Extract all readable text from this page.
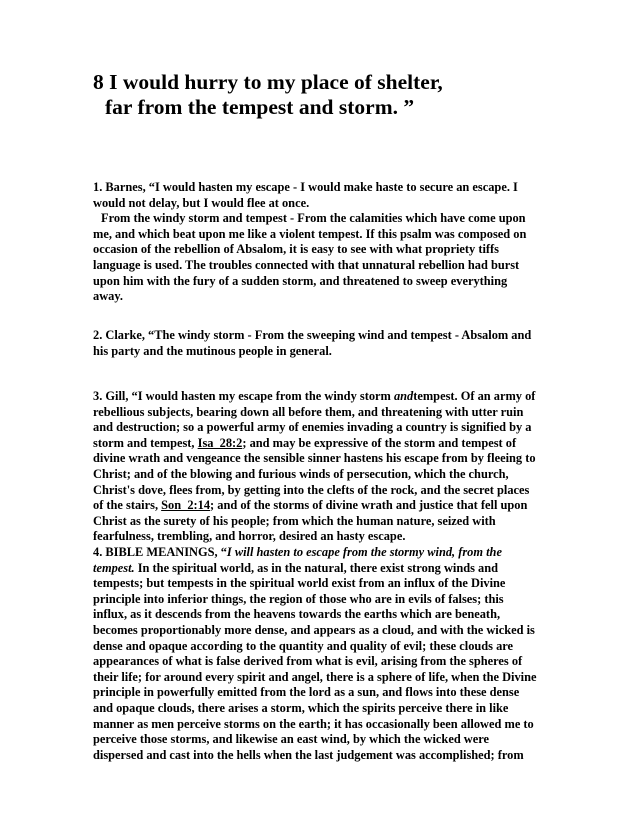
8 I would hurry to my place of shelter,
far from the tempest and storm. ”

1. Barnes, “I would hasten my escape - I would make haste to secure an escape. I
would not delay, but I would flee at once.
From the windy storm and tempest - From the calamities which have come upon
me, and which beat upon me like a violent tempest. If this psalm was composed on
occasion of the rebellion of Absalom, it is easy to see with what propriety tiffs
language is used. The troubles connected with that unnatural rebellion had burst
upon him with the fury of a sudden storm, and threatened to sweep everything
away.

2. Clarke, “The windy storm - From the sweeping wind and tempest - Absalom and
his party and the mutinous people in general.

3. Gill, “I would hasten my escape from the windy storm andtempest. Of an army of
rebellious subjects, bearing down all before them, and threatening with utter ruin
and destruction; so a powerful army of enemies invading a country is signified by a
storm and tempest, Isa_28:2; and may be expressive of the storm and tempest of
divine wrath and vengeance the sensible sinner hastens his escape from by fleeing to
Christ; and of the blowing and furious winds of persecution, which the church,
Christ's dove, flees from, by getting into the clefts of the rock, and the secret places
of the stairs, Son_2:14; and of the storms of divine wrath and justice that fell upon
Christ as the surety of his people; from which the human nature, seized with
fearfulness, trembling, and horror, desired an hasty escape.

4. BIBLE MEANINGS, “I will hasten to escape from the stormy wind, from the
tempest. In the spiritual world, as in the natural, there exist strong winds and
tempests; but tempests in the spiritual world exist from an influx of the Divine
principle into inferior things, the region of those who are in evils of falses; this
influx, as it descends from the heavens towards the earths which are beneath,
becomes proportionably more dense, and appears as a cloud, and with the wicked is
dense and opaque according to the quantity and quality of evil; these clouds are
appearances of what is false derived from what is evil, arising from the spheres of
their life; for around every spirit and angel, there is a sphere of life, when the Divine
principle in powerfully emitted from the lord as a sun, and flows into these dense
and opaque clouds, there arises a storm, which the spirits perceive there in like
manner as men perceive storms on the earth; it has occasionally been allowed me to
perceive those storms, and likewise an east wind, by which the wicked were
dispersed and cast into the hells when the last judgement was accomplished; from
